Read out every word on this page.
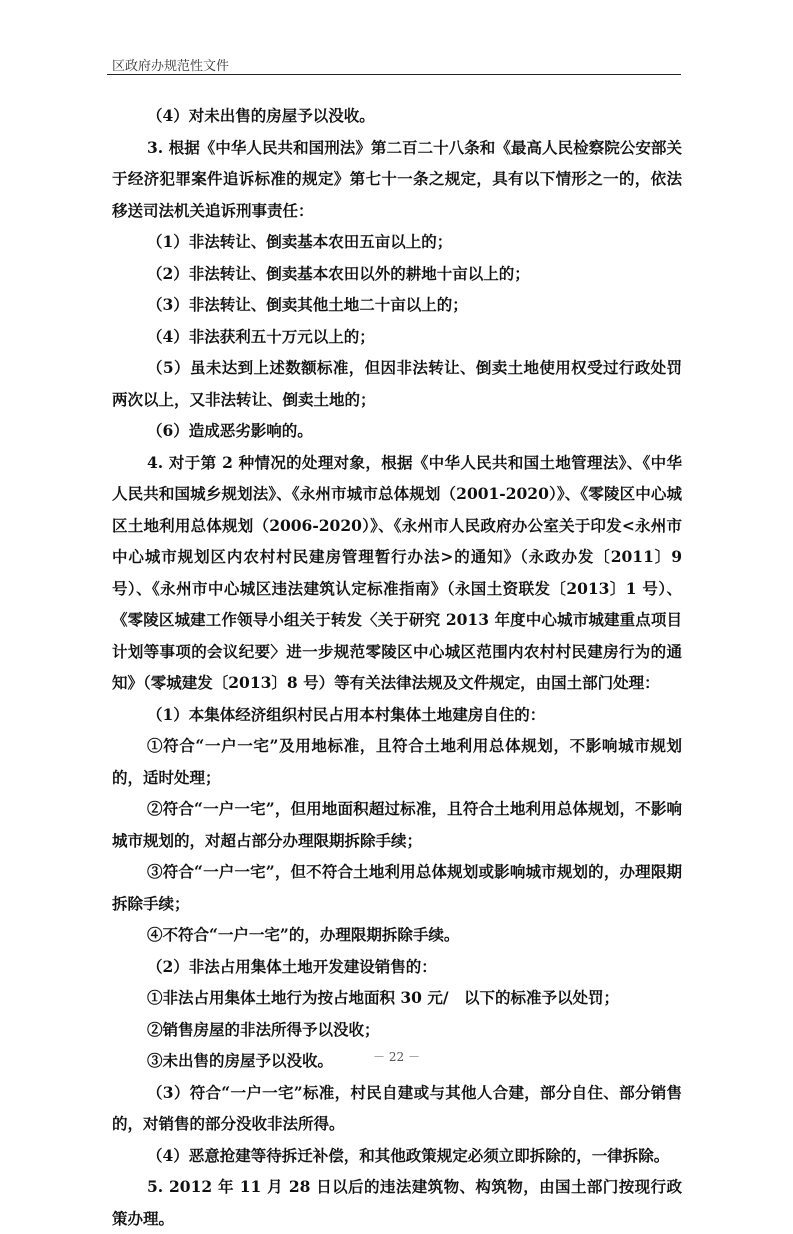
区政府办规范性文件

（4）对未出售的房屋予以没收。

3. 根据《中华人民共和国刑法》第二百二十八条和《最高人民检察院公安部关于经济犯罪案件追诉标准的规定》第七十一条之规定，具有以下情形之一的，依法移送司法机关追诉刑事责任：

（1）非法转让、倒卖基本农田五亩以上的；

（2）非法转让、倒卖基本农田以外的耕地十亩以上的；

（3）非法转让、倒卖其他土地二十亩以上的；

（4）非法获利五十万元以上的；

（5）虽未达到上述数额标准，但因非法转让、倒卖土地使用权受过行政处罚两次以上，又非法转让、倒卖土地的；

（6）造成恶劣影响的。

4. 对于第 2 种情况的处理对象，根据《中华人民共和国土地管理法》、《中华人民共和国城乡规划法》、《永州市城市总体规划（2001-2020）》、《零陵区中心城区土地利用总体规划（2006-2020）》、《永州市人民政府办公室关于印发<永州市中心城市规划区内农村村民建房管理暂行办法>的通知》（永政办发〔2011〕9 号）、《永州市中心城区违法建筑认定标准指南》（永国土资联发〔2013〕1 号）、《零陵区城建工作领导小组关于转发〈关于研究 2013 年度中心城市城建重点项目计划等事项的会议纪要〉进一步规范零陵区中心城区范围内农村村民建房行为的通知》（零城建发〔2013〕8 号）等有关法律法规及文件规定，由国土部门处理：

（1）本集体经济组织村民占用本村集体土地建房自住的：

①符合“一户一宅”及用地标准，且符合土地利用总体规划，不影响城市规划的，适时处理；

②符合“一户一宅”，但用地面积超过标准，且符合土地利用总体规划，不影响城市规划的，对超占部分办理限期拆除手续；

③符合“一户一宅”，但不符合土地利用总体规划或影响城市规划的，办理限期拆除手续；

④不符合“一户一宅”的，办理限期拆除手续。

（2）非法占用集体土地开发建设销售的：

①非法占用集体土地行为按占地面积 30 元/　以下的标准予以处罚；

②销售房屋的非法所得予以没收；

③未出售的房屋予以没收。

（3）符合“一户一宅”标准，村民自建或与其他人合建，部分自住、部分销售的，对销售的部分没收非法所得。

（4）恶意抢建等待拆迁补偿，和其他政策规定必须立即拆除的，一律拆除。

5. 2012 年 11 月 28 日以后的违法建筑物、构筑物，由国土部门按现行政策办理。

－ 22 －
